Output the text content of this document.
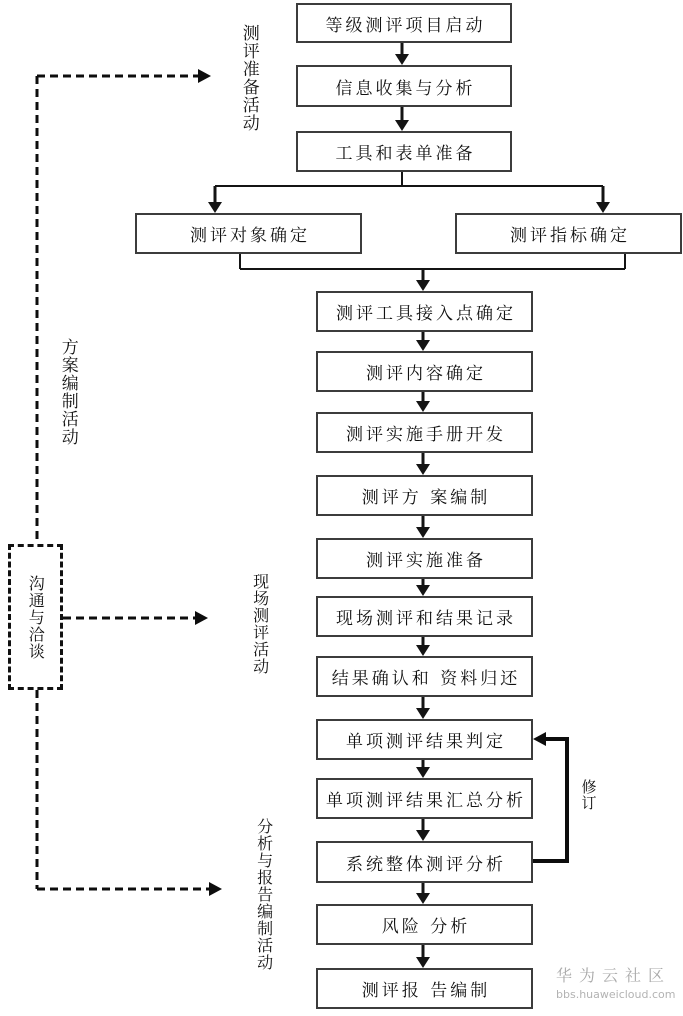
等级测评项目启动
信息收集与分析
工具和表单准备
测评对象确定	测评指标确定
测评工具接入点确定
测评内容确定
测评实施手册开发
测评方 案编制
测评实施准备
现场测评和结果记录
结果确认和 资料归还
单项测评结果判定
单项测评结果汇总分析
系统整体测评分析
风险 分析
测评报 告编制
测评准备活动
方案编制活动
现场测评活动
分析与报告编制活动
修订
沟通与洽谈
华为云社区
bbs.huaweicloud.com
